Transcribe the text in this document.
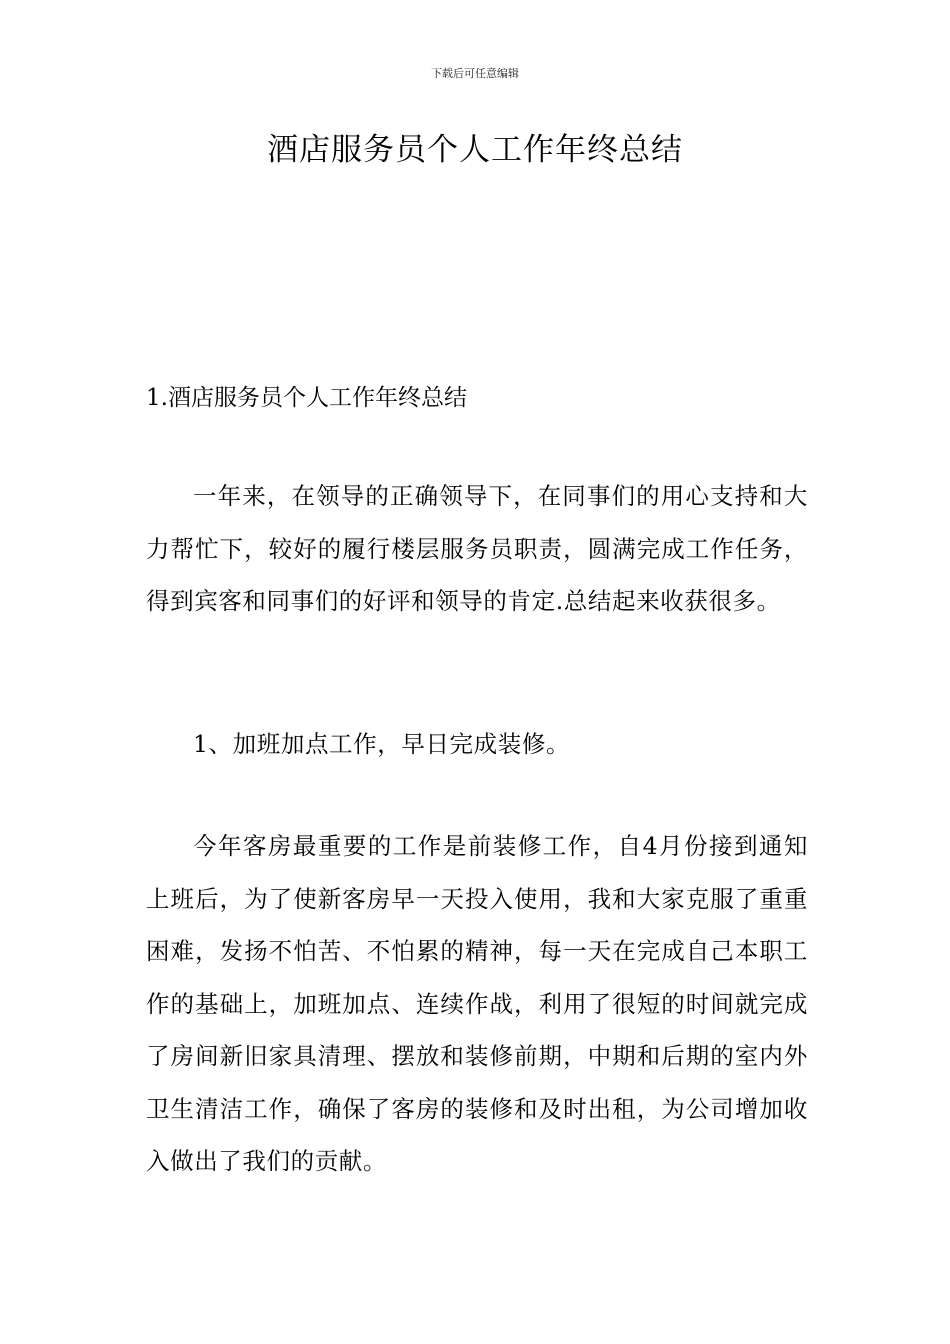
下载后可任意编辑
酒店服务员个人工作年终总结
1.酒店服务员个人工作年终总结

一年来，在领导的正确领导下，在同事们的用心支持和大力帮忙下，较好的履行楼层服务员职责，圆满完成工作任务，得到宾客和同事们的好评和领导的肯定.总结起来收获很多。

1、加班加点工作，早日完成装修。

今年客房最重要的工作是前装修工作，自4月份接到通知上班后，为了使新客房早一天投入使用，我和大家克服了重重困难，发扬不怕苦、不怕累的精神，每一天在完成自己本职工作的基础上，加班加点、连续作战，利用了很短的时间就完成了房间新旧家具清理、摆放和装修前期，中期和后期的室内外卫生清洁工作，确保了客房的装修和及时出租，为公司增加收入做出了我们的贡献。
